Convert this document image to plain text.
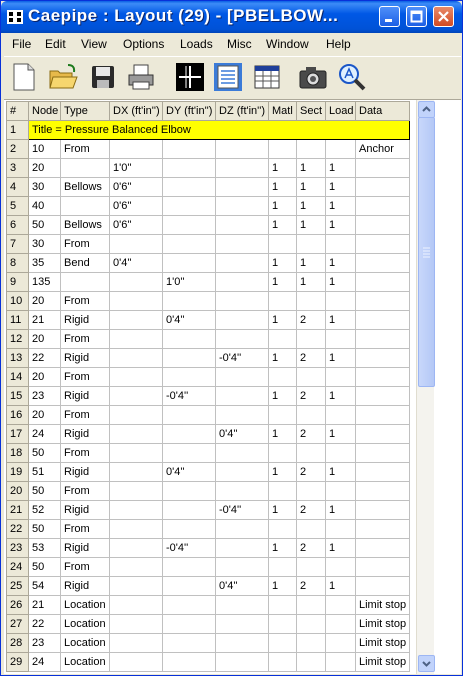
Caepipe : Layout (29) - [PBELBOW...
File Edit View Options Loads Misc Window Help
#	Node	Type	DX (ft'in'')	DY (ft'in'')	DZ (ft'in'')	Matl	Sect	Load	Data
1	Title = Pressure Balanced Elbow								
2	10	From							Anchor
3	20		1'0''			1	1	1	
4	30	Bellows	0'6''			1	1	1	
5	40		0'6''			1	1	1	
6	50	Bellows	0'6''			1	1	1	
7	30	From							
8	35	Bend	0'4''			1	1	1	
9	135			1'0''		1	1	1	
10	20	From							
11	21	Rigid		0'4''		1	2	1	
12	20	From							
13	22	Rigid			-0'4''	1	2	1	
14	20	From							
15	23	Rigid		-0'4''		1	2	1	
16	20	From							
17	24	Rigid			0'4''	1	2	1	
18	50	From							
19	51	Rigid		0'4''		1	2	1	
20	50	From							
21	52	Rigid			-0'4''	1	2	1	
22	50	From							
23	53	Rigid		-0'4''		1	2	1	
24	50	From							
25	54	Rigid			0'4''	1	2	1	
26	21	Location							Limit stop
27	22	Location							Limit stop
28	23	Location							Limit stop
29	24	Location							Limit stop
